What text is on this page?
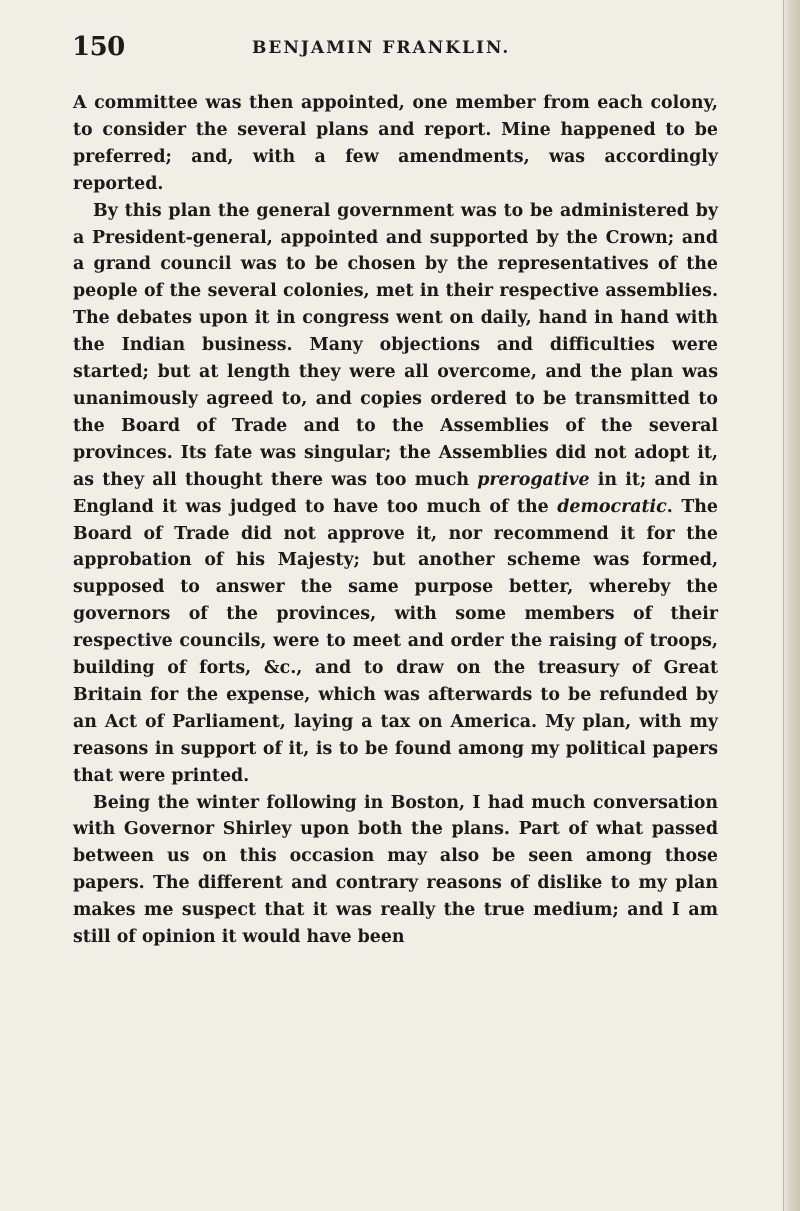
150	BENJAMIN FRANKLIN.

A committee was then appointed, one member from each colony, to consider the several plans and report. Mine happened to be preferred; and, with a few amendments, was accordingly reported.

By this plan the general government was to be administered by a President-general, appointed and supported by the Crown; and a grand council was to be chosen by the representatives of the people of the several colonies, met in their respective assemblies. The debates upon it in congress went on daily, hand in hand with the Indian business. Many objections and difficulties were started; but at length they were all overcome, and the plan was unanimously agreed to, and copies ordered to be transmitted to the Board of Trade and to the Assemblies of the several provinces. Its fate was singular; the Assemblies did not adopt it, as they all thought there was too much prerogative in it; and in England it was judged to have too much of the democratic. The Board of Trade did not approve it, nor recommend it for the approbation of his Majesty; but another scheme was formed, supposed to answer the same purpose better, whereby the governors of the provinces, with some members of their respective councils, were to meet and order the raising of troops, building of forts, &c., and to draw on the treasury of Great Britain for the expense, which was afterwards to be refunded by an Act of Parliament, laying a tax on America. My plan, with my reasons in support of it, is to be found among my political papers that were printed.

Being the winter following in Boston, I had much conversation with Governor Shirley upon both the plans. Part of what passed between us on this occasion may also be seen among those papers. The different and contrary reasons of dislike to my plan makes me suspect that it was really the true medium; and I am still of opinion it would have been
